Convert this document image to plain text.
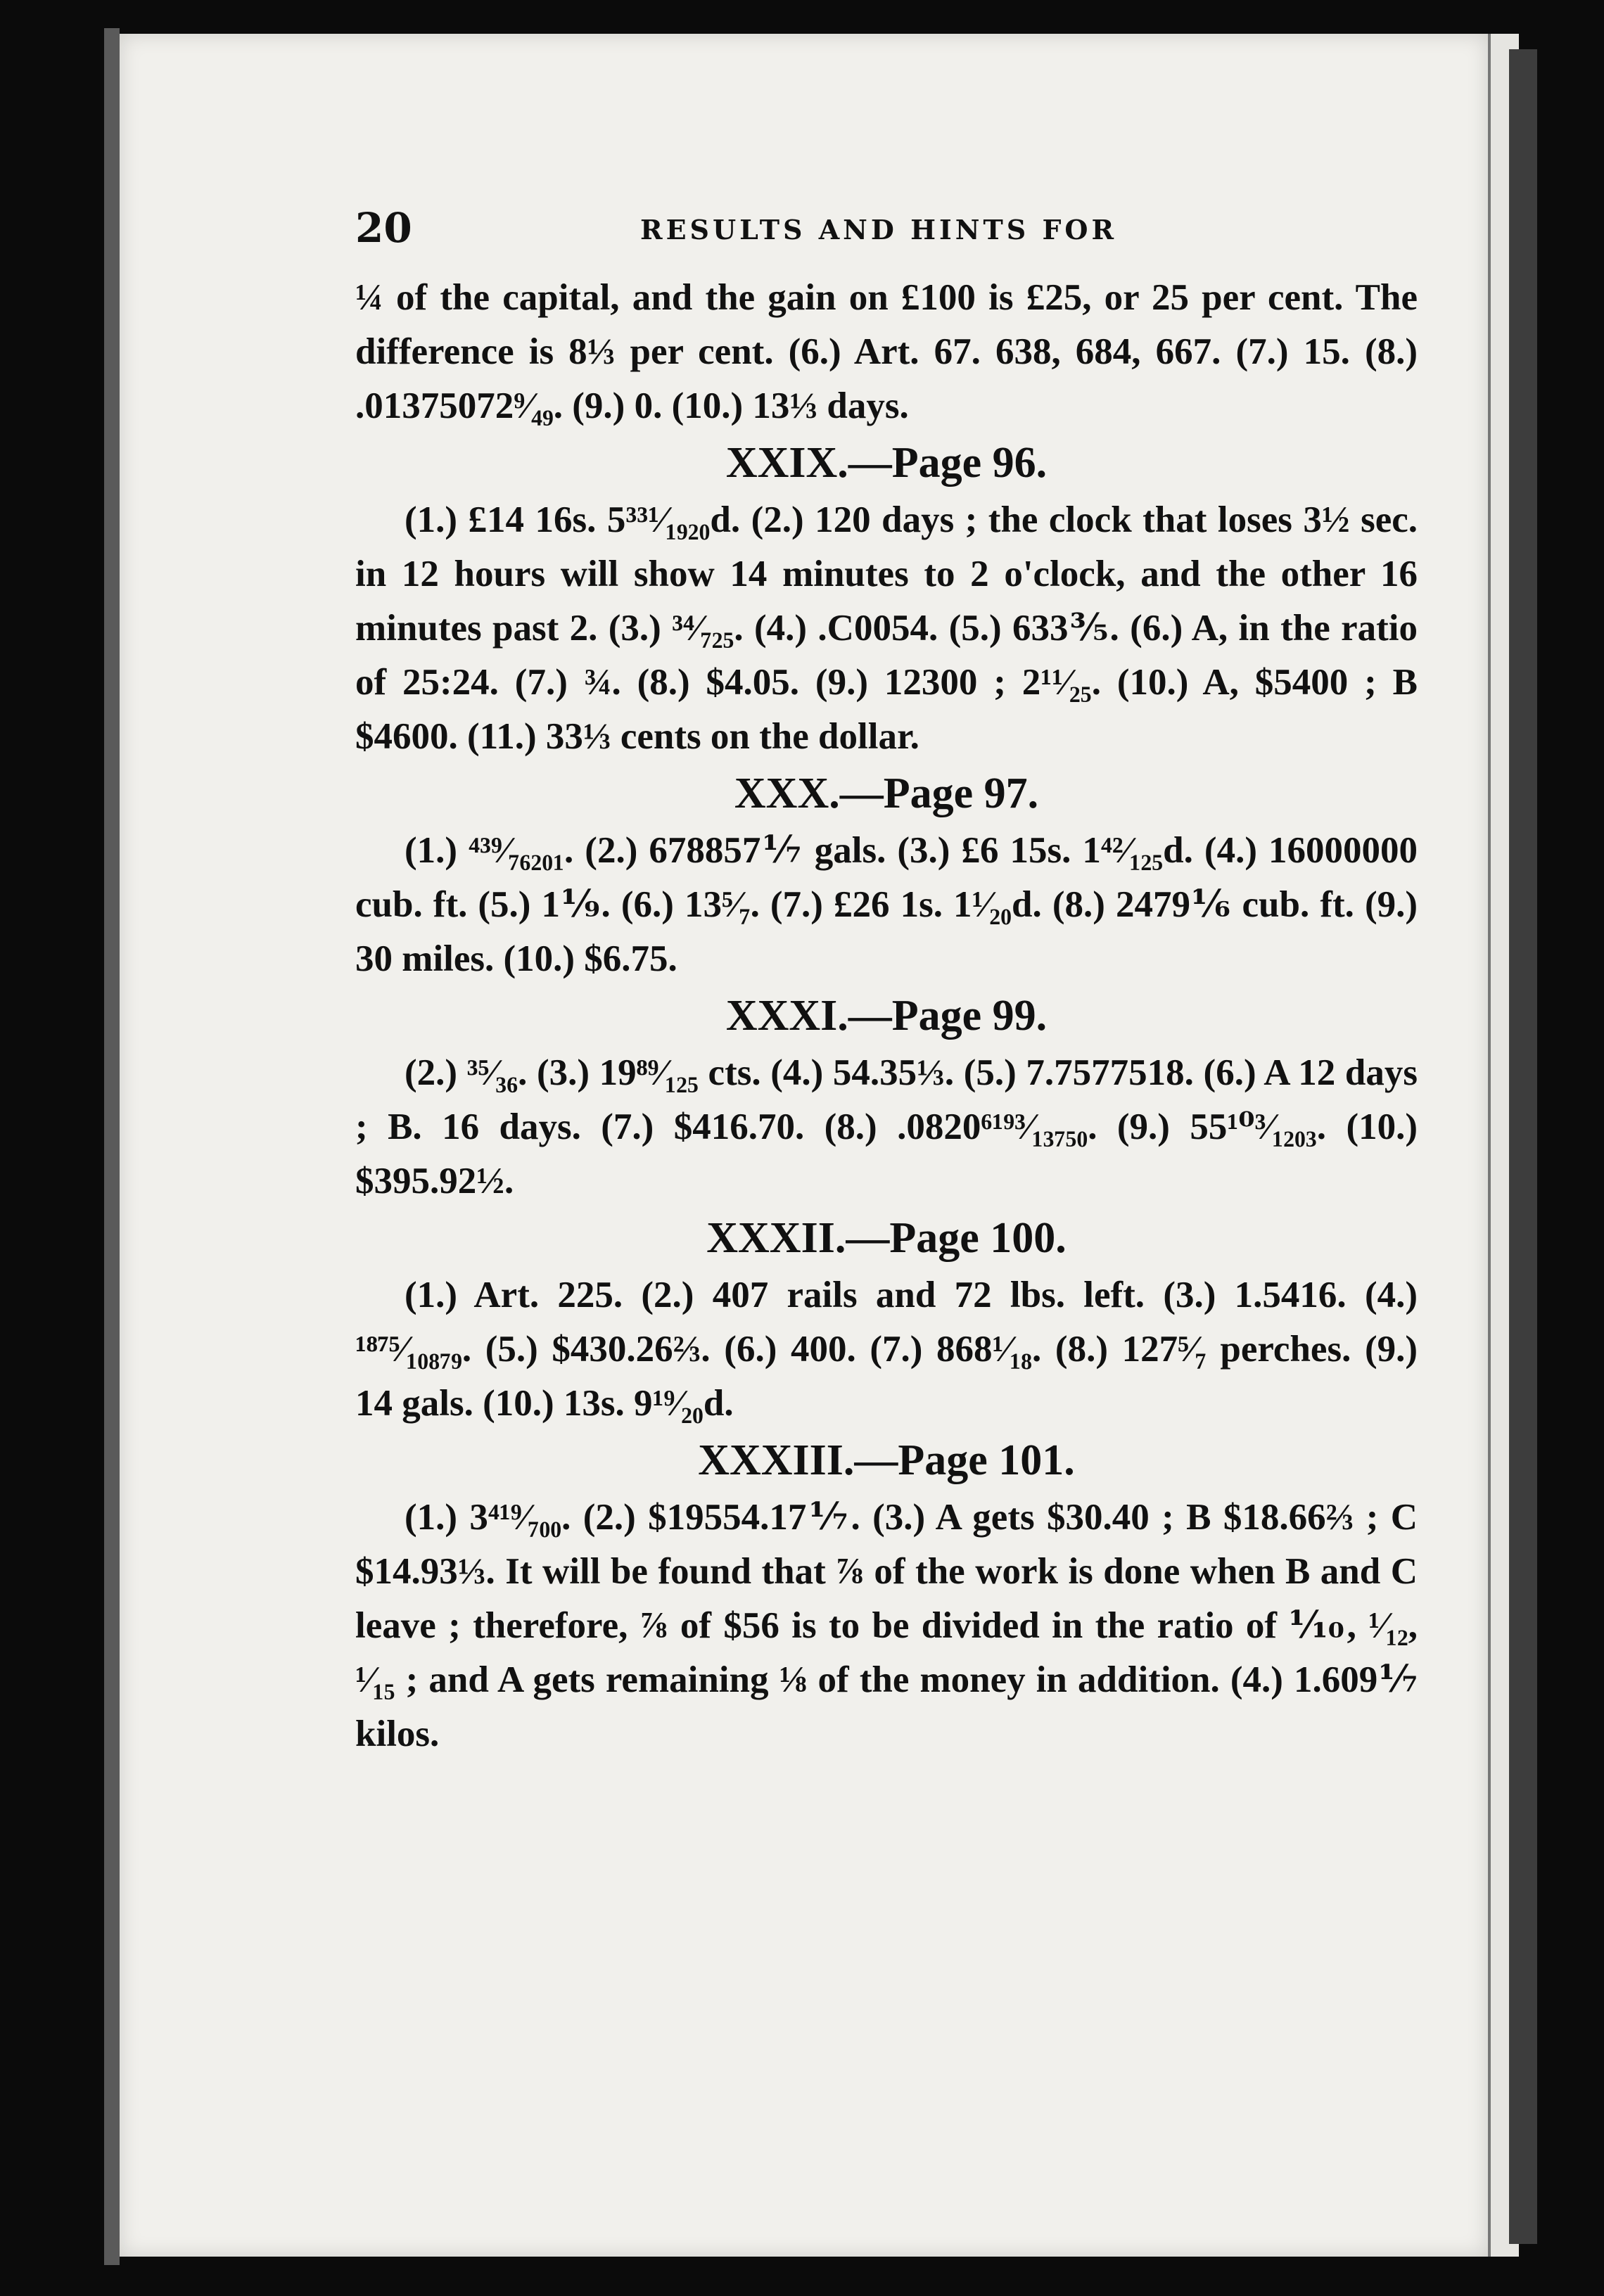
20	RESULTS AND HINTS FOR

¼ of the capital, and the gain on £100 is £25, or 25 per cent. The difference is 8⅓ per cent. (6.) Art. 67. 638, 684, 667. (7.) 15. (8.) .01375072⁹⁄₄₉. (9.) 0. (10.) 13⅓ days.

XXIX.—Page 96.

(1.) £14 16s. 5³³¹⁄₁₉₂₀d. (2.) 120 days ; the clock that loses 3½ sec. in 12 hours will show 14 minutes to 2 o'clock, and the other 16 minutes past 2. (3.) ³⁴⁄₇₂₅. (4.) .C0054. (5.) 633⅗. (6.) A, in the ratio of 25:24. (7.) ¾. (8.) $4.05. (9.) 12300 ; 2¹¹⁄₂₅. (10.) A, $5400 ; B $4600. (11.) 33⅓ cents on the dollar.

XXX.—Page 97.

(1.) ⁴³⁹⁄₇₆₂₀₁. (2.) 678857⅐ gals. (3.) £6 15s. 1⁴²⁄₁₂₅d. (4.) 16000000 cub. ft. (5.) 1⅑. (6.) 13⁵⁄₇. (7.) £26 1s. 1¹⁄₂₀d. (8.) 2479⅙ cub. ft. (9.) 30 miles. (10.) $6.75.

XXXI.—Page 99.

(2.) ³⁵⁄₃₆. (3.) 19⁸⁹⁄₁₂₅ cts. (4.) 54.35⅓. (5.) 7.7577518. (6.) A 12 days ; B. 16 days. (7.) $416.70. (8.) .0820⁶¹⁹³⁄₁₃₇₅₀. (9.) 55¹⁰³⁄₁₂₀₃. (10.) $395.92½.

XXXII.—Page 100.

(1.) Art. 225. (2.) 407 rails and 72 lbs. left. (3.) 1.5416. (4.) ¹⁸⁷⁵⁄₁₀₈₇₉. (5.) $430.26⅔. (6.) 400. (7.) 868¹⁄₁₈. (8.) 127⁵⁄₇ perches. (9.) 14 gals. (10.) 13s. 9¹⁹⁄₂₀d.

XXXIII.—Page 101.

(1.) 3⁴¹⁹⁄₇₀₀. (2.) $19554.17⅐. (3.) A gets $30.40 ; B $18.66⅔ ; C $14.93⅓. It will be found that ⅞ of the work is done when B and C leave ; therefore, ⅞ of $56 is to be divided in the ratio of ⅒, ¹⁄₁₂, ¹⁄₁₅ ; and A gets remaining ⅛ of the money in addition. (4.) 1.609⅐ kilos.
